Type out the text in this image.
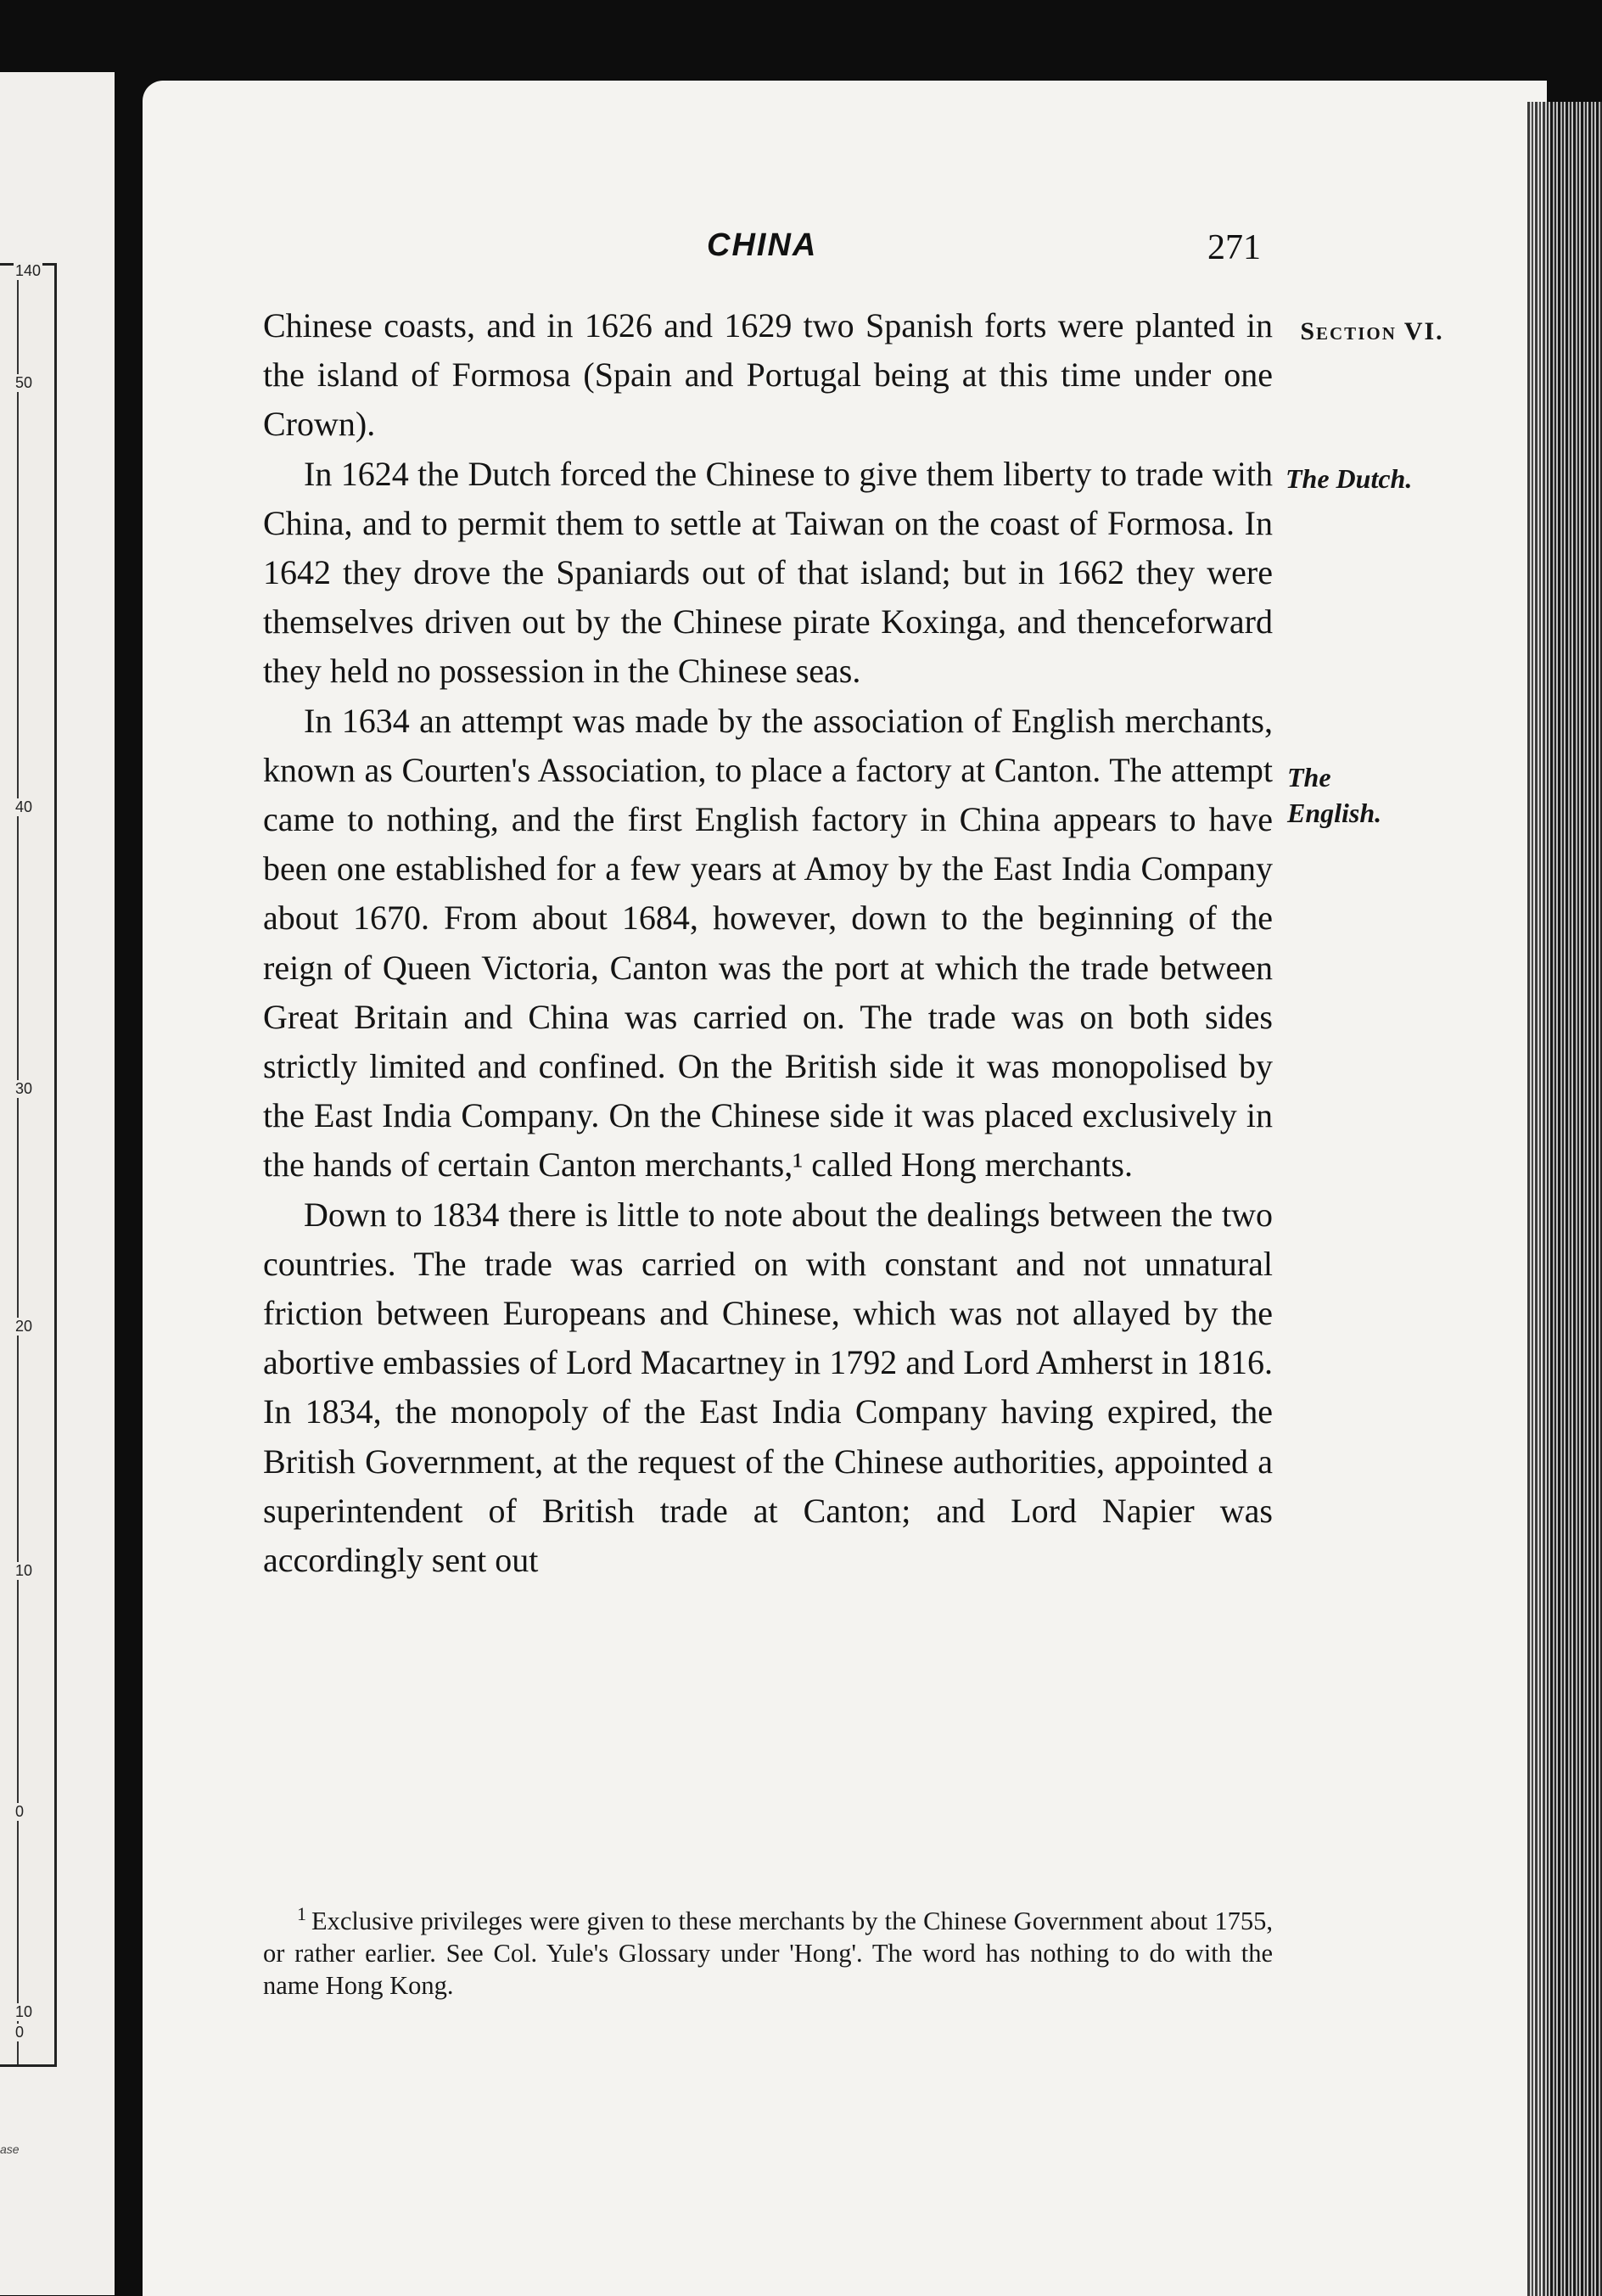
140
50
40
30
20
10
0
10
0
ase
CHINA	271
Section VI.
The Dutch.
The
English.

Chinese coasts, and in 1626 and 1629 two Spanish forts were planted in the island of Formosa (Spain and Portugal being at this time under one Crown).

In 1624 the Dutch forced the Chinese to give them liberty to trade with China, and to permit them to settle at Taiwan on the coast of Formosa. In 1642 they drove the Spaniards out of that island; but in 1662 they were themselves driven out by the Chinese pirate Koxinga, and thenceforward they held no possession in the Chinese seas.

In 1634 an attempt was made by the association of English merchants, known as Courten's Association, to place a factory at Canton. The attempt came to nothing, and the first English factory in China appears to have been one established for a few years at Amoy by the East India Company about 1670. From about 1684, however, down to the beginning of the reign of Queen Victoria, Canton was the port at which the trade between Great Britain and China was carried on. The trade was on both sides strictly limited and confined. On the British side it was monopolised by the East India Company. On the Chinese side it was placed exclusively in the hands of certain Canton merchants,¹ called Hong merchants.

Down to 1834 there is little to note about the dealings between the two countries. The trade was carried on with constant and not unnatural friction between Europeans and Chinese, which was not allayed by the abortive embassies of Lord Macartney in 1792 and Lord Amherst in 1816. In 1834, the monopoly of the East India Company having expired, the British Government, at the request of the Chinese authorities, appointed a superintendent of British trade at Canton; and Lord Napier was accordingly sent out

$^1$ Exclusive privileges were given to these merchants by the Chinese Government about 1755, or rather earlier. See Col. Yule's Glossary under 'Hong'. The word has nothing to do with the name Hong Kong.
